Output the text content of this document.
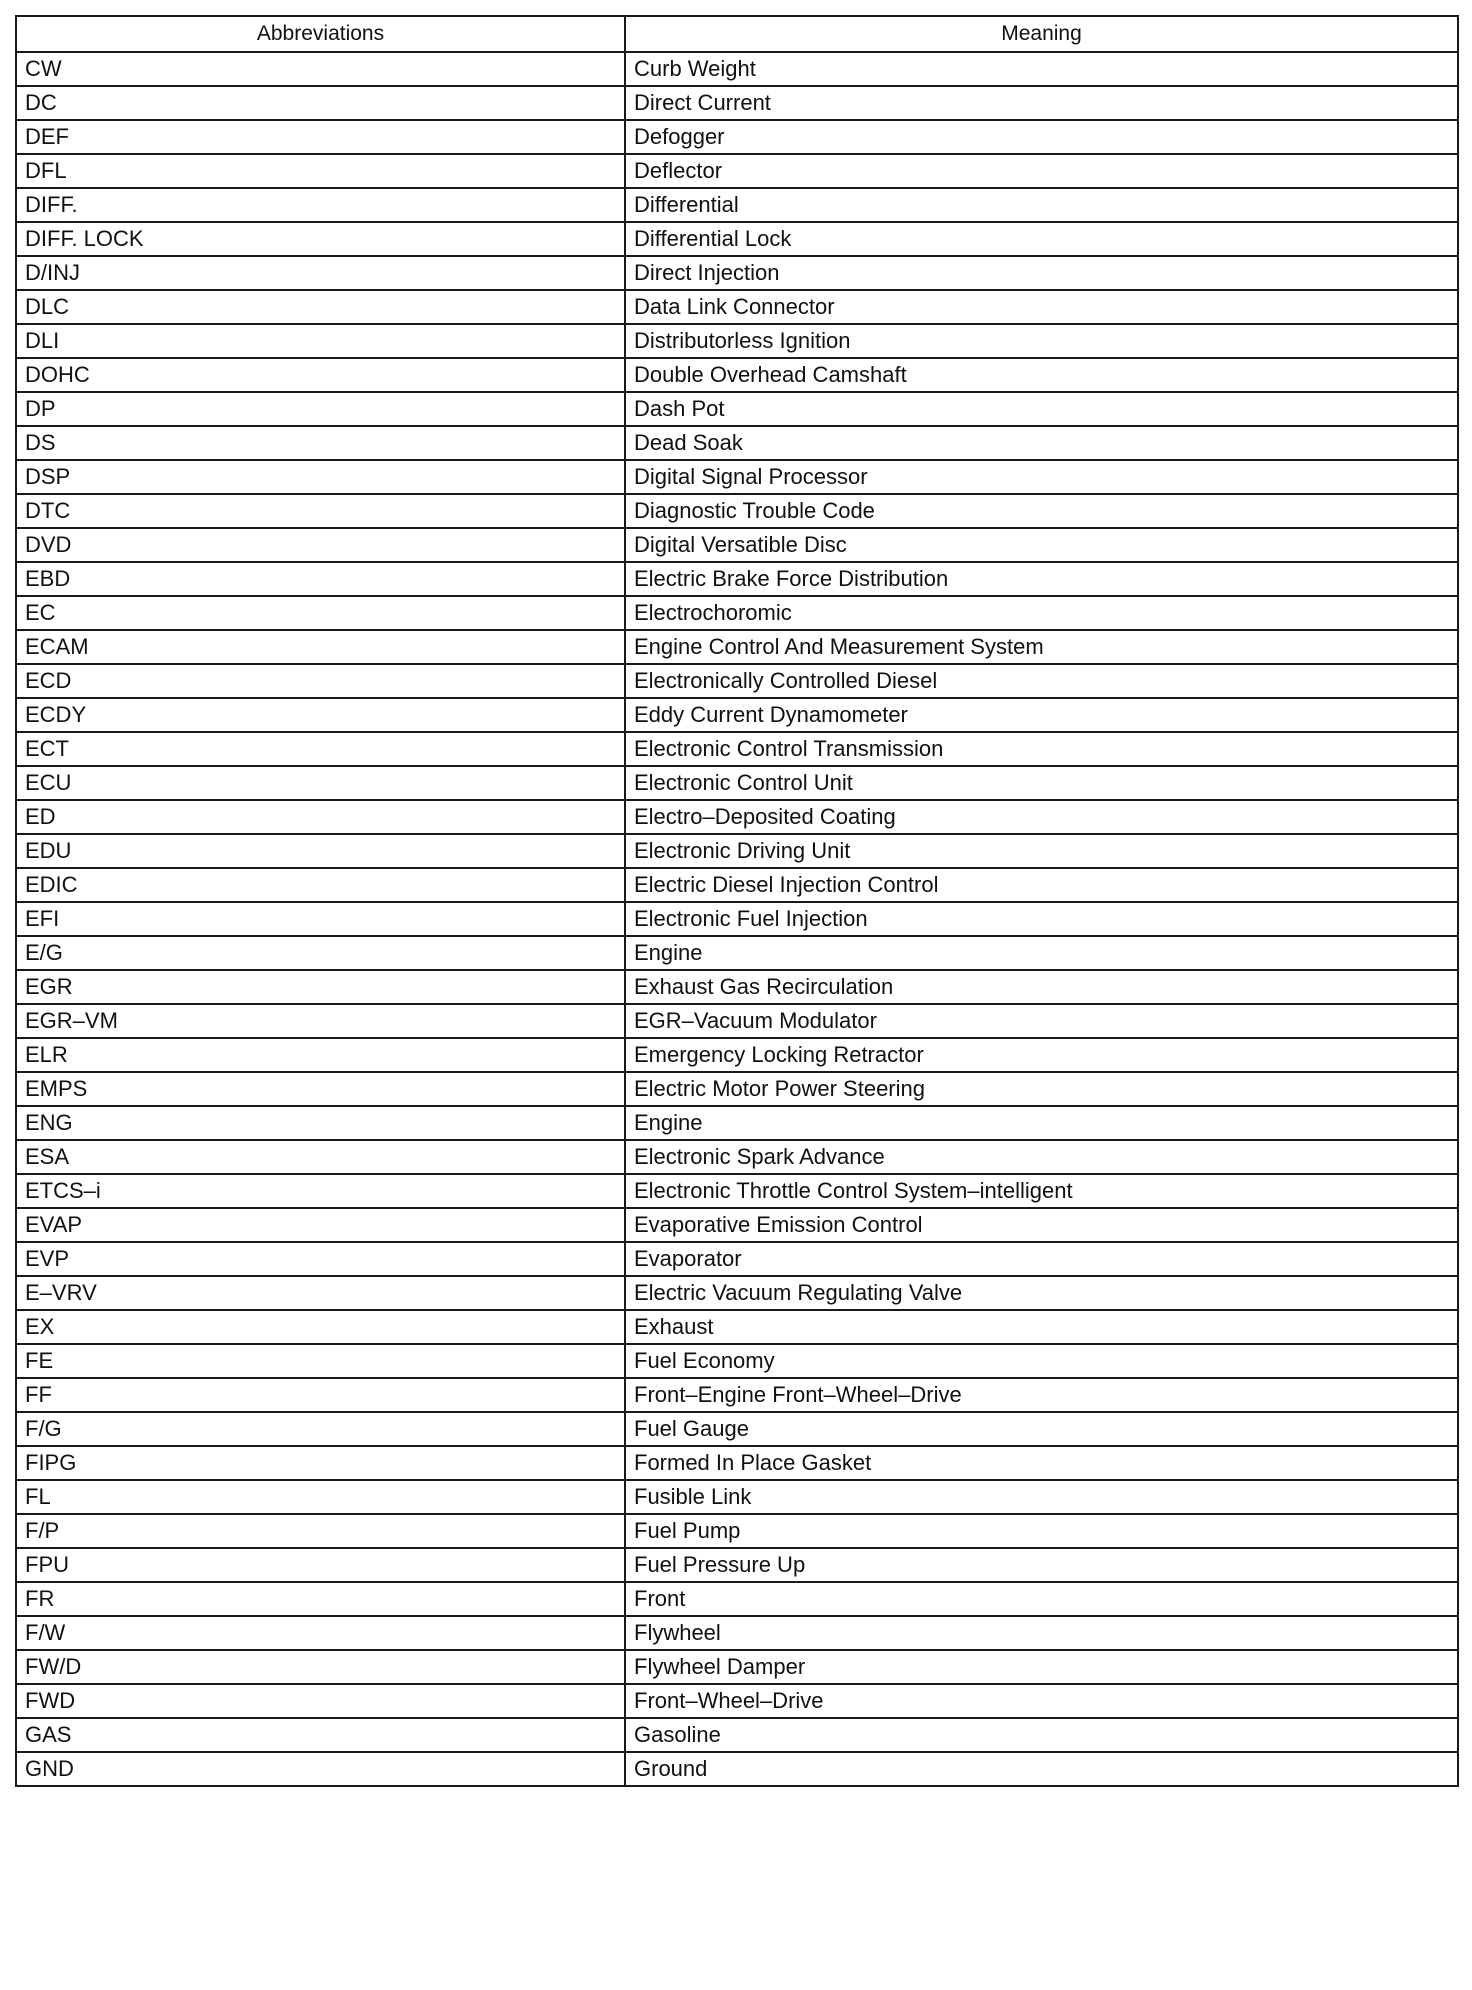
Abbreviations	Meaning
CW	Curb Weight
DC	Direct Current
DEF	Defogger
DFL	Deflector
DIFF.	Differential
DIFF. LOCK	Differential Lock
D/INJ	Direct Injection
DLC	Data Link Connector
DLI	Distributorless Ignition
DOHC	Double Overhead Camshaft
DP	Dash Pot
DS	Dead Soak
DSP	Digital Signal Processor
DTC	Diagnostic Trouble Code
DVD	Digital Versatible Disc
EBD	Electric Brake Force Distribution
EC	Electrochoromic
ECAM	Engine Control And Measurement System
ECD	Electronically Controlled Diesel
ECDY	Eddy Current Dynamometer
ECT	Electronic Control Transmission
ECU	Electronic Control Unit
ED	Electro–Deposited Coating
EDU	Electronic Driving Unit
EDIC	Electric Diesel Injection Control
EFI	Electronic Fuel Injection
E/G	Engine
EGR	Exhaust Gas Recirculation
EGR–VM	EGR–Vacuum Modulator
ELR	Emergency Locking Retractor
EMPS	Electric Motor Power Steering
ENG	Engine
ESA	Electronic Spark Advance
ETCS–i	Electronic Throttle Control System–intelligent
EVAP	Evaporative Emission Control
EVP	Evaporator
E–VRV	Electric Vacuum Regulating Valve
EX	Exhaust
FE	Fuel Economy
FF	Front–Engine Front–Wheel–Drive
F/G	Fuel Gauge
FIPG	Formed In Place Gasket
FL	Fusible Link
F/P	Fuel Pump
FPU	Fuel Pressure Up
FR	Front
F/W	Flywheel
FW/D	Flywheel Damper
FWD	Front–Wheel–Drive
GAS	Gasoline
GND	Ground
